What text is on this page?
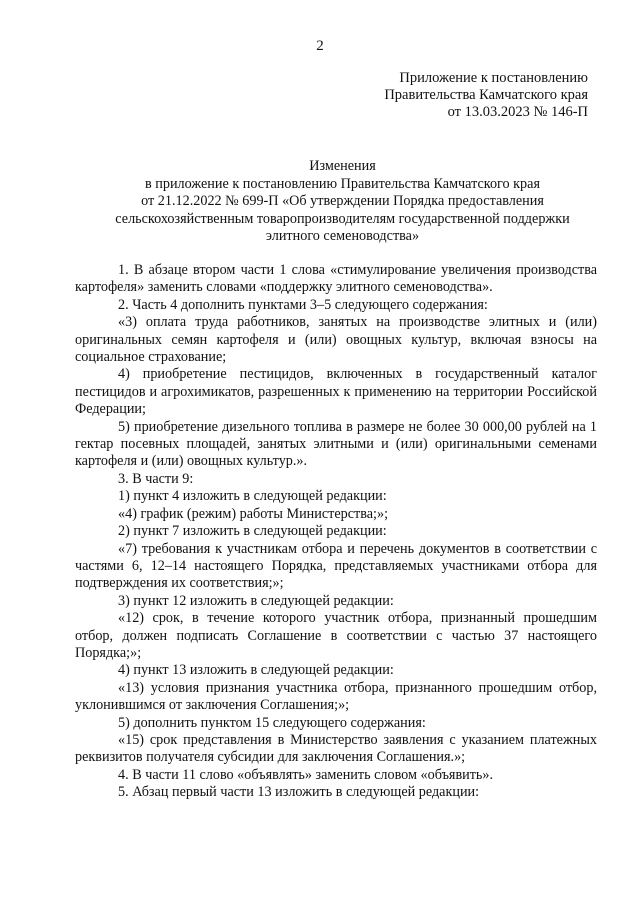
2
Приложение к постановлению
Правительства Камчатского края
от 13.03.2023 № 146-П
Изменения
в приложение к постановлению Правительства Камчатского края
от 21.12.2022 № 699-П «Об утверждении Порядка предоставления
сельскохозяйственным товаропроизводителям государственной поддержки
элитного семеноводства»

1. В абзаце втором части 1 слова «стимулирование увеличения производства картофеля» заменить словами «поддержку элитного семеноводства».

2. Часть 4 дополнить пунктами 3–5 следующего содержания:

«3) оплата труда работников, занятых на производстве элитных и (или) оригинальных семян картофеля и (или) овощных культур, включая взносы на социальное страхование;

4) приобретение пестицидов, включенных в государственный каталог пестицидов и агрохимикатов, разрешенных к применению на территории Российской Федерации;

5) приобретение дизельного топлива в размере не более 30 000,00 рублей на 1 гектар посевных площадей, занятых элитными и (или) оригинальными семенами картофеля и (или) овощных культур.».

3. В части 9:

1) пункт 4 изложить в следующей редакции:

«4) график (режим) работы Министерства;»;

2) пункт 7 изложить в следующей редакции:

«7) требования к участникам отбора и перечень документов в соответствии с частями 6, 12–14 настоящего Порядка, представляемых участниками отбора для подтверждения их соответствия;»;

3) пункт 12 изложить в следующей редакции:

«12) срок, в течение которого участник отбора, признанный прошедшим отбор, должен подписать Соглашение в соответствии с частью 37 настоящего Порядка;»;

4) пункт 13 изложить в следующей редакции:

«13) условия признания участника отбора, признанного прошедшим отбор, уклонившимся от заключения Соглашения;»;

5) дополнить пунктом 15 следующего содержания:

«15) срок представления в Министерство заявления с указанием платежных реквизитов получателя субсидии для заключения Соглашения.»;

4. В части 11 слово «объявлять» заменить словом «объявить».

5. Абзац первый части 13 изложить в следующей редакции:
